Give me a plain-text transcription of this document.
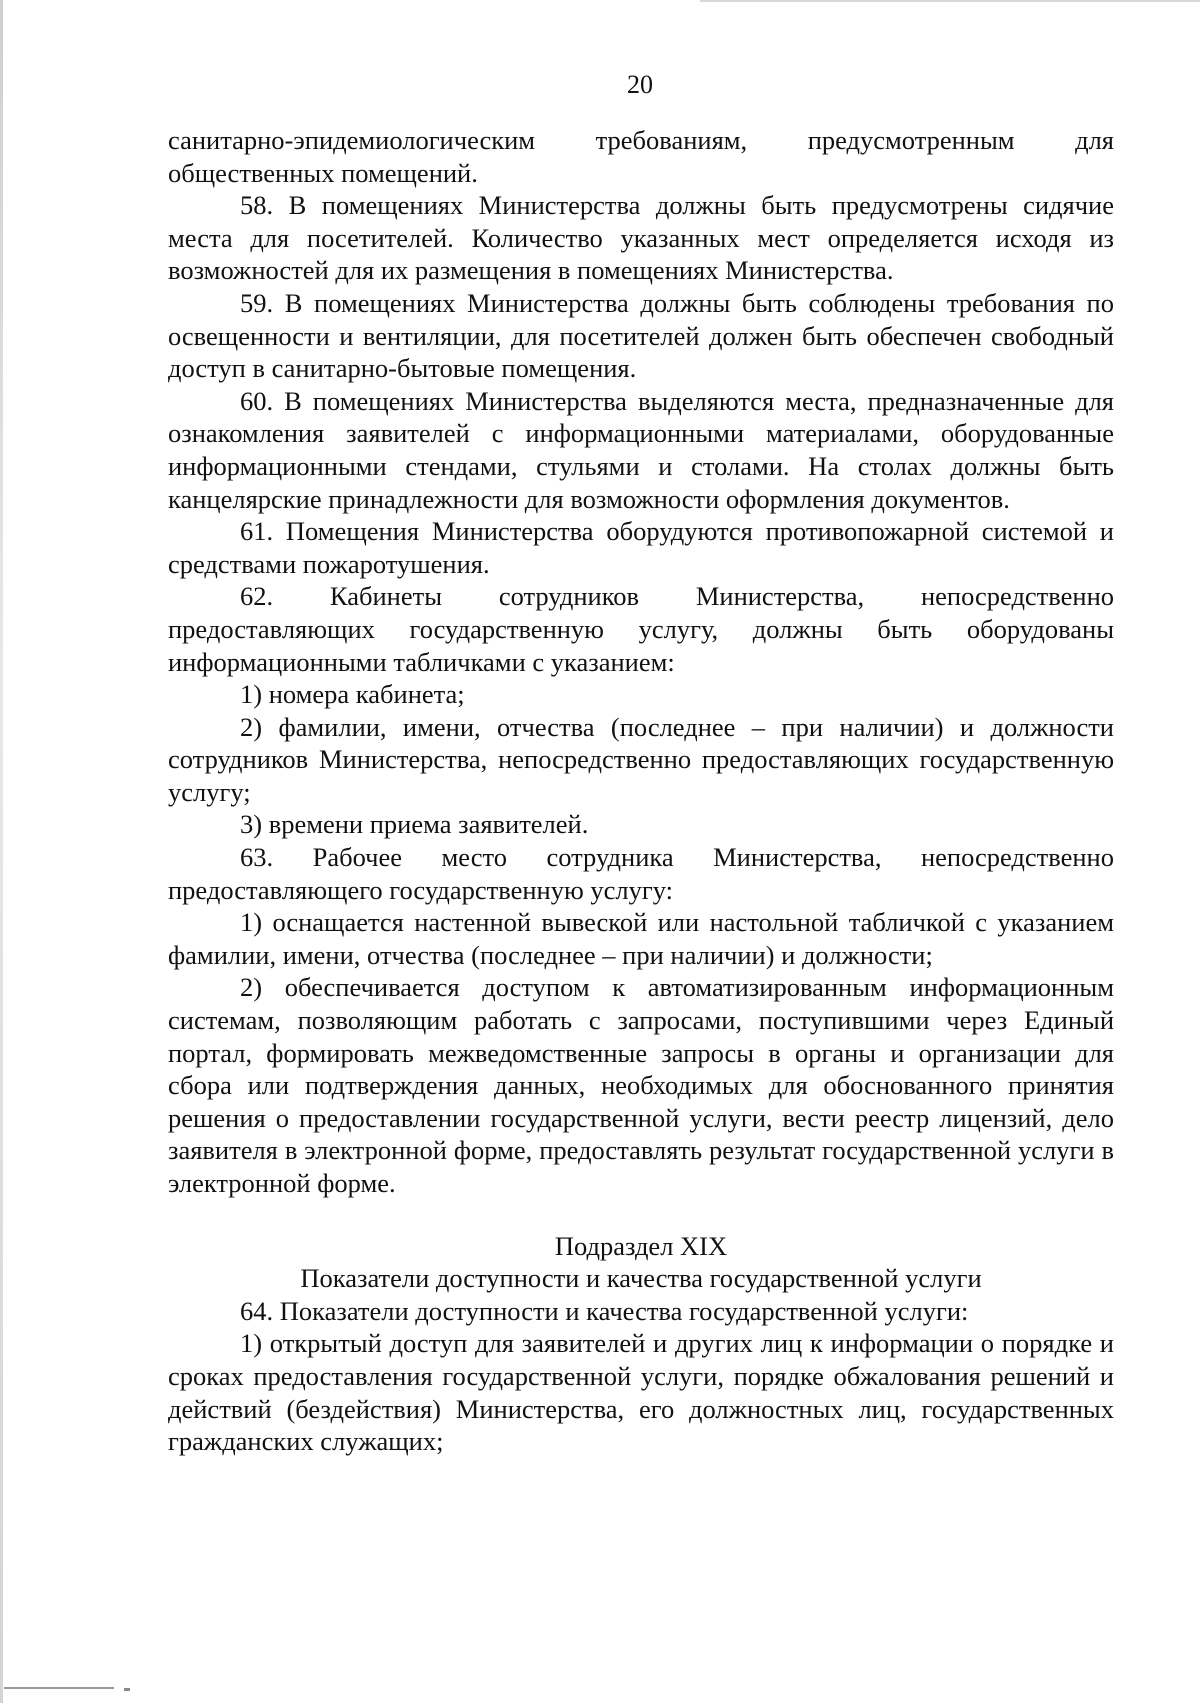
20

санитарно-эпидемиологическим требованиям, предусмотренным для общественных помещений.

58. В помещениях Министерства должны быть предусмотрены сидячие места для посетителей. Количество указанных мест определяется исходя из возможностей для их размещения в помещениях Министерства.

59. В помещениях Министерства должны быть соблюдены требования по освещенности и вентиляции, для посетителей должен быть обеспечен свободный доступ в санитарно-бытовые помещения.

60. В помещениях Министерства выделяются места, предназначенные для ознакомления заявителей с информационными материалами, оборудованные информационными стендами, стульями и столами. На столах должны быть канцелярские принадлежности для возможности оформления документов.

61. Помещения Министерства оборудуются противопожарной системой и средствами пожаротушения.

62. Кабинеты сотрудников Министерства, непосредственно предоставляющих государственную услугу, должны быть оборудованы информационными табличками с указанием:

1) номера кабинета;

2) фамилии, имени, отчества (последнее – при наличии) и должности сотрудников Министерства, непосредственно предоставляющих государственную услугу;

3) времени приема заявителей.

63. Рабочее место сотрудника Министерства, непосредственно предоставляющего государственную услугу:

1) оснащается настенной вывеской или настольной табличкой с указанием фамилии, имени, отчества (последнее – при наличии) и должности;

2) обеспечивается доступом к автоматизированным информационным системам, позволяющим работать с запросами, поступившими через Единый портал, формировать межведомственные запросы в органы и организации для сбора или подтверждения данных, необходимых для обоснованного принятия решения о предоставлении государственной услуги, вести реестр лицензий, дело заявителя в электронной форме, предоставлять результат государственной услуги в электронной форме.

Подраздел XIX
Показатели доступности и качества государственной услуги

64. Показатели доступности и качества государственной услуги:

1) открытый доступ для заявителей и других лиц к информации о порядке и сроках предоставления государственной услуги, порядке обжалования решений и действий (бездействия) Министерства, его должностных лиц, государственных гражданских служащих;
